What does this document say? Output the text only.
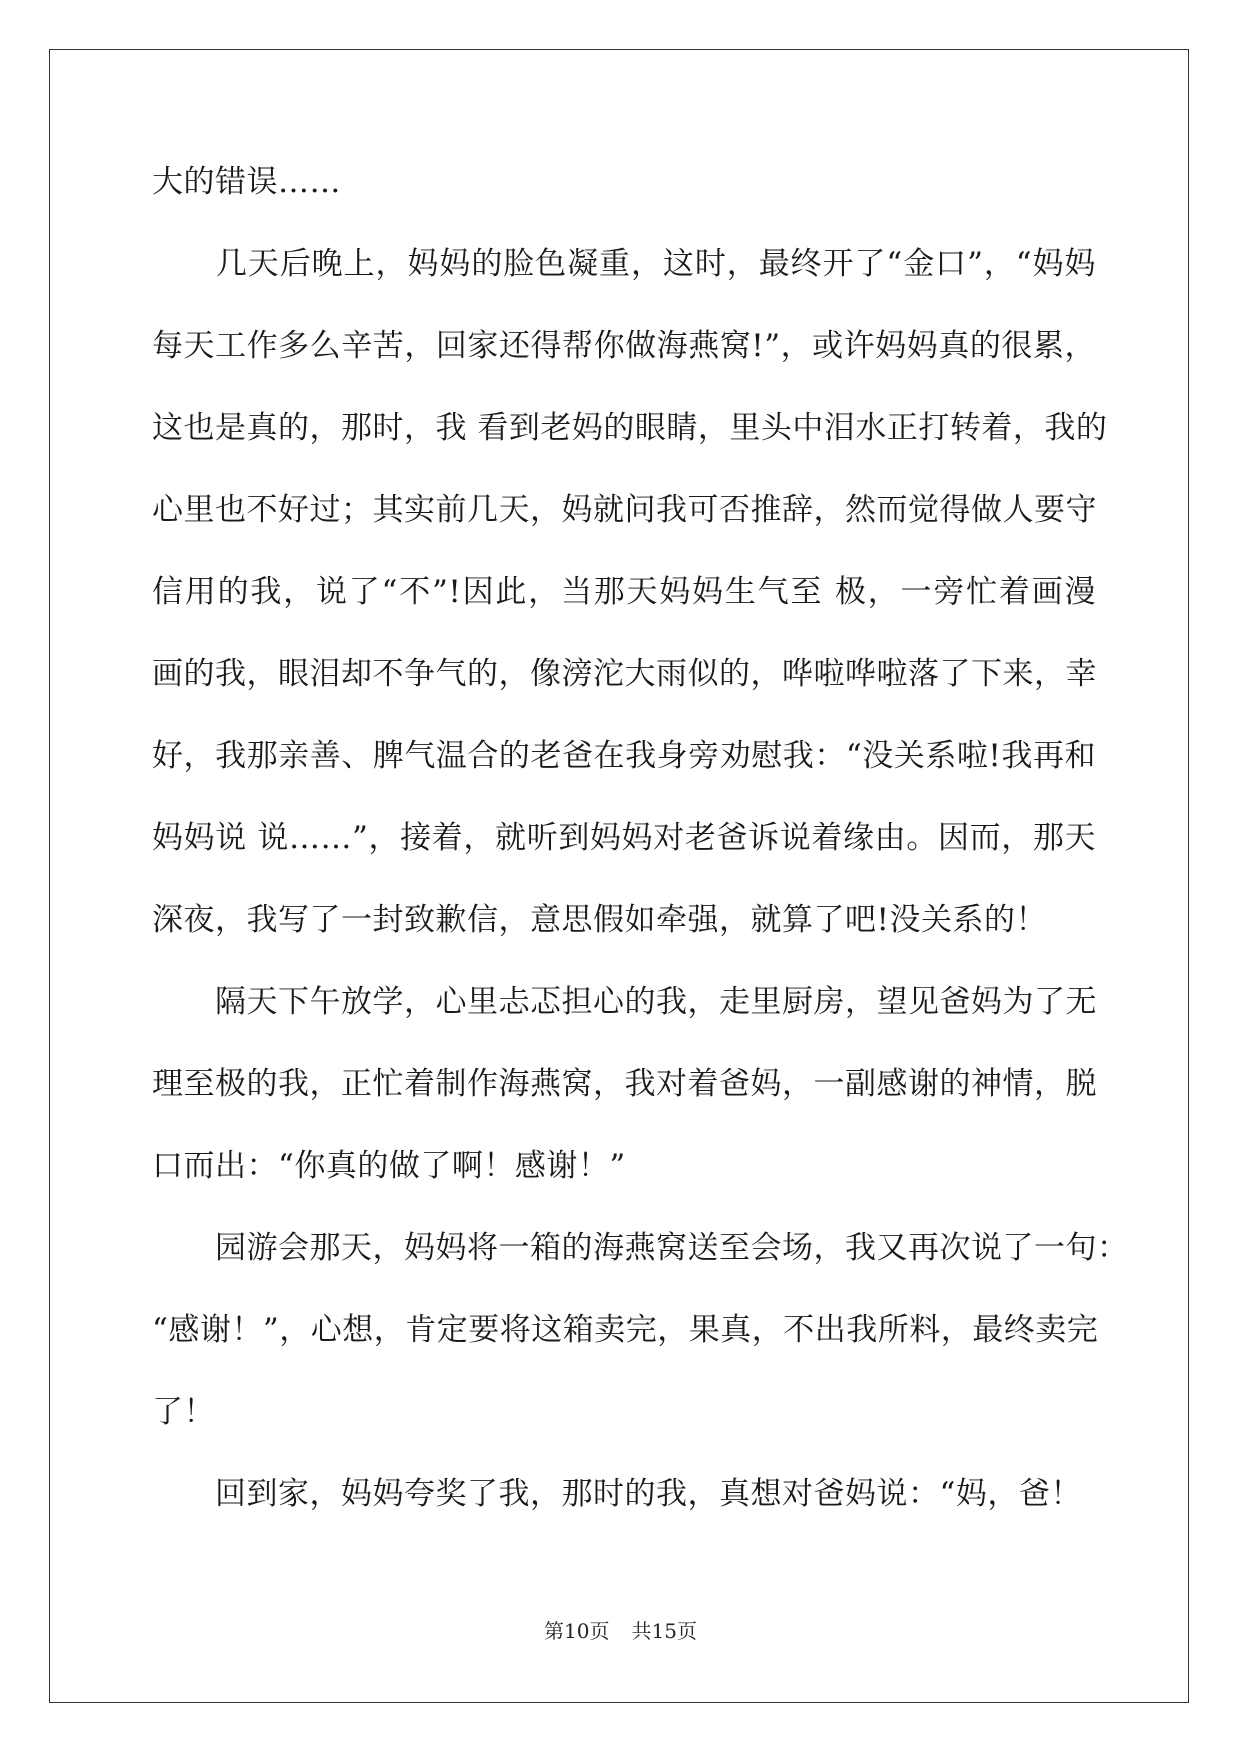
大的错误……
　　几天后晚上，妈妈的脸色凝重，这时，最终开了“金口”，“妈妈
每天工作多么辛苦，回家还得帮你做海燕窝!”，或许妈妈真的很累，
这也是真的，那时，我 看到老妈的眼睛，里头中泪水正打转着，我的
心里也不好过；其实前几天，妈就问我可否推辞，然而觉得做人要守
信用的我，说了“不”!因此，当那天妈妈生气至 极，一旁忙着画漫
画的我，眼泪却不争气的，像滂沱大雨似的，哗啦哗啦落了下来，幸
好，我那亲善、脾气温合的老爸在我身旁劝慰我：“没关系啦!我再和
妈妈说 说……”，接着，就听到妈妈对老爸诉说着缘由。因而，那天
深夜，我写了一封致歉信，意思假如牵强，就算了吧!没关系的！
　　隔天下午放学，心里忐忑担心的我，走里厨房，望见爸妈为了无
理至极的我，正忙着制作海燕窝，我对着爸妈，一副感谢的神情，脱
口而出：“你真的做了啊！感谢！”
　　园游会那天，妈妈将一箱的海燕窝送至会场，我又再次说了一句：
“感谢！”，心想，肯定要将这箱卖完，果真，不出我所料，最终卖完
了！
　　回到家，妈妈夸奖了我，那时的我，真想对爸妈说：“妈，爸！
第10页 共15页
